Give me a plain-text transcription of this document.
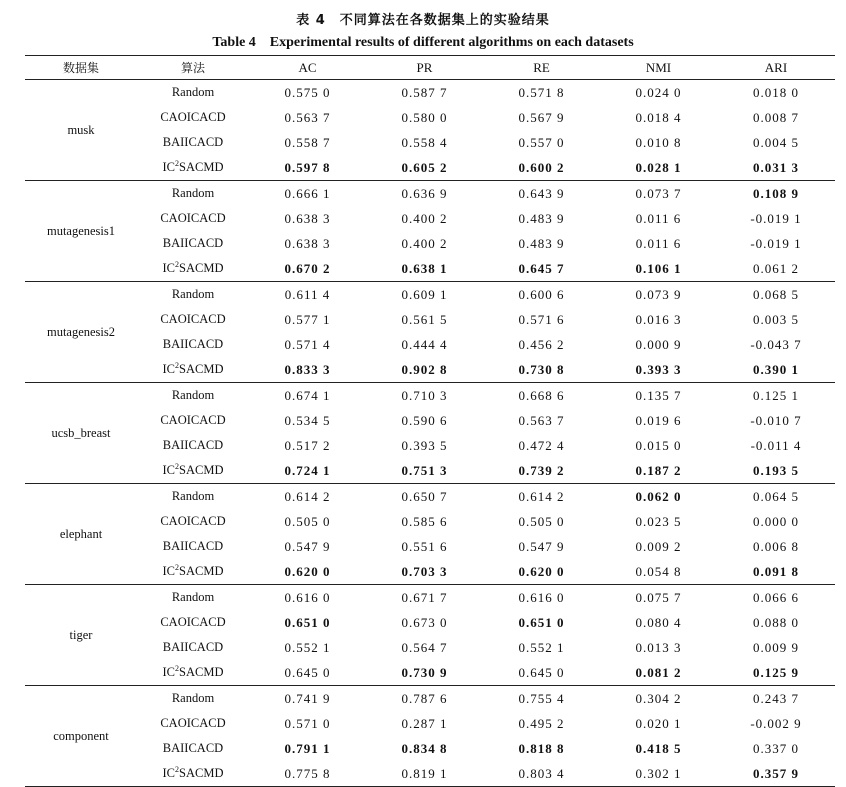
表 4　不同算法在各数据集上的实验结果
Table 4　Experimental results of different algorithms on each datasets
数据集	算法	AC	PR	RE	NMI	ARI
musk	Random	0.575 0	0.587 7	0.571 8	0.024 0	0.018 0
	CAOICACD	0.563 7	0.580 0	0.567 9	0.018 4	0.008 7
	BAIICACD	0.558 7	0.558 4	0.557 0	0.010 8	0.004 5
	$IC^2SACMD$	0.597 8	0.605 2	0.600 2	0.028 1	0.031 3
mutagenesis1	Random	0.666 1	0.636 9	0.643 9	0.073 7	0.108 9
	CAOICACD	0.638 3	0.400 2	0.483 9	0.011 6	-0.019 1
	BAIICACD	0.638 3	0.400 2	0.483 9	0.011 6	-0.019 1
	$IC^2SACMD$	0.670 2	0.638 1	0.645 7	0.106 1	0.061 2
mutagenesis2	Random	0.611 4	0.609 1	0.600 6	0.073 9	0.068 5
	CAOICACD	0.577 1	0.561 5	0.571 6	0.016 3	0.003 5
	BAIICACD	0.571 4	0.444 4	0.456 2	0.000 9	-0.043 7
	$IC^2SACMD$	0.833 3	0.902 8	0.730 8	0.393 3	0.390 1
ucsb_breast	Random	0.674 1	0.710 3	0.668 6	0.135 7	0.125 1
	CAOICACD	0.534 5	0.590 6	0.563 7	0.019 6	-0.010 7
	BAIICACD	0.517 2	0.393 5	0.472 4	0.015 0	-0.011 4
	$IC^2SACMD$	0.724 1	0.751 3	0.739 2	0.187 2	0.193 5
elephant	Random	0.614 2	0.650 7	0.614 2	0.062 0	0.064 5
	CAOICACD	0.505 0	0.585 6	0.505 0	0.023 5	0.000 0
	BAIICACD	0.547 9	0.551 6	0.547 9	0.009 2	0.006 8
	$IC^2SACMD$	0.620 0	0.703 3	0.620 0	0.054 8	0.091 8
tiger	Random	0.616 0	0.671 7	0.616 0	0.075 7	0.066 6
	CAOICACD	0.651 0	0.673 0	0.651 0	0.080 4	0.088 0
	BAIICACD	0.552 1	0.564 7	0.552 1	0.013 3	0.009 9
	$IC^2SACMD$	0.645 0	0.730 9	0.645 0	0.081 2	0.125 9
component	Random	0.741 9	0.787 6	0.755 4	0.304 2	0.243 7
	CAOICACD	0.571 0	0.287 1	0.495 2	0.020 1	-0.002 9
	BAIICACD	0.791 1	0.834 8	0.818 8	0.418 5	0.337 0
	$IC^2SACMD$	0.775 8	0.819 1	0.803 4	0.302 1	0.357 9
